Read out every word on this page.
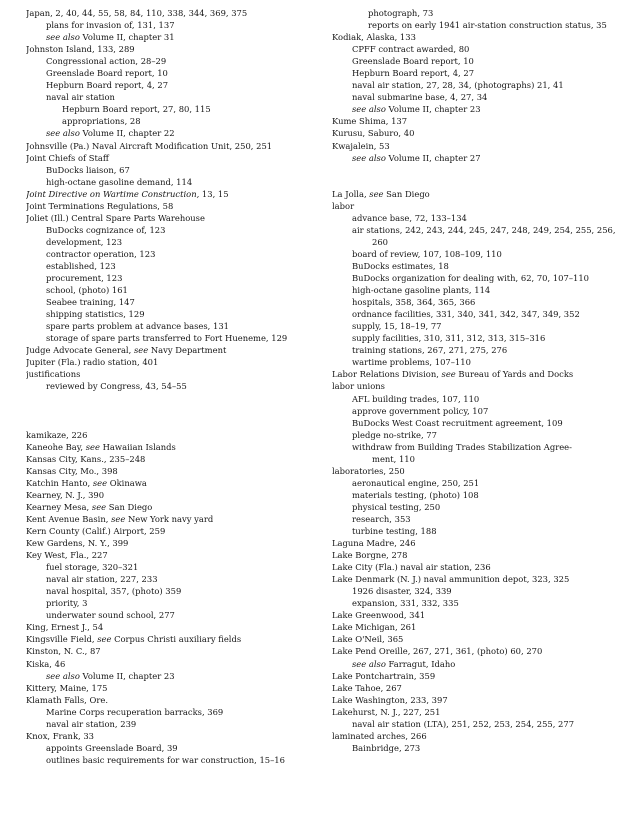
Japan, 2, 40, 44, 55, 58, 84, 110, 338, 344, 369, 375
plans for invasion of, 131, 137
see also Volume II, chapter 31
Johnston Island, 133, 289
Congressional action, 28–29
Greenslade Board report, 10
Hepburn Board report, 4, 27
naval air station
Hepburn Board report, 27, 80, 115
appropriations, 28
see also Volume II, chapter 22
Johnsville (Pa.) Naval Aircraft Modification Unit, 250, 251
Joint Chiefs of Staff
BuDocks liaison, 67
high-octane gasoline demand, 114
Joint Directive on Wartime Construction, 13, 15
Joint Terminations Regulations, 58
Joliet (Ill.) Central Spare Parts Warehouse
BuDocks cognizance of, 123
development, 123
contractor operation, 123
established, 123
procurement, 123
school, (photo) 161
Seabee training, 147
shipping statistics, 129
spare parts problem at advance bases, 131
storage of spare parts transferred to Fort Hueneme, 129
Judge Advocate General, see Navy Department
Jupiter (Fla.) radio station, 401
justifications
reviewed by Congress, 43, 54–55
kamikaze, 226
Kaneohe Bay, see Hawaiian Islands
Kansas City, Kans., 235–248
Kansas City, Mo., 398
Katchin Hanto, see Okinawa
Kearney, N. J., 390
Kearney Mesa, see San Diego
Kent Avenue Basin, see New York navy yard
Kern County (Calif.) Airport, 259
Kew Gardens, N. Y., 399
Key West, Fla., 227
fuel storage, 320–321
naval air station, 227, 233
naval hospital, 357, (photo) 359
priority, 3
underwater sound school, 277
King, Ernest J., 54
Kingsville Field, see Corpus Christi auxiliary fields
Kinston, N. C., 87
Kiska, 46
see also Volume II, chapter 23
Kittery, Maine, 175
Klamath Falls, Ore.
Marine Corps recuperation barracks, 369
naval air station, 239
Knox, Frank, 33
appoints Greenslade Board, 39
outlines basic requirements for war construction, 15–16
photograph, 73
reports on early 1941 air-station construction status, 35
Kodiak, Alaska, 133
CPFF contract awarded, 80
Greenslade Board report, 10
Hepburn Board report, 4, 27
naval air station, 27, 28, 34, (photographs) 21, 41
naval submarine base, 4, 27, 34
see also Volume II, chapter 23
Kume Shima, 137
Kurusu, Saburo, 40
Kwajalein, 53
see also Volume II, chapter 27
La Jolla, see San Diego
labor
advance base, 72, 133–134
air stations, 242, 243, 244, 245, 247, 248, 249, 254, 255, 256,
260
board of review, 107, 108–109, 110
BuDocks estimates, 18
BuDocks organization for dealing with, 62, 70, 107–110
high-octane gasoline plants, 114
hospitals, 358, 364, 365, 366
ordnance facilities, 331, 340, 341, 342, 347, 349, 352
supply, 15, 18–19, 77
supply facilities, 310, 311, 312, 313, 315–316
training stations, 267, 271, 275, 276
wartime problems, 107–110
Labor Relations Division, see Bureau of Yards and Docks
labor unions
AFL building trades, 107, 110
approve government policy, 107
BuDocks West Coast recruitment agreement, 109
pledge no-strike, 77
withdraw from Building Trades Stabilization Agree-
ment, 110
laboratories, 250
aeronautical engine, 250, 251
materials testing, (photo) 108
physical testing, 250
research, 353
turbine testing, 188
Laguna Madre, 246
Lake Borgne, 278
Lake City (Fla.) naval air station, 236
Lake Denmark (N. J.) naval ammunition depot, 323, 325
1926 disaster, 324, 339
expansion, 331, 332, 335
Lake Greenwood, 341
Lake Michigan, 261
Lake O'Neil, 365
Lake Pend Oreille, 267, 271, 361, (photo) 60, 270
see also Farragut, Idaho
Lake Pontchartrain, 359
Lake Tahoe, 267
Lake Washington, 233, 397
Lakehurst, N. J., 227, 251
naval air station (LTA), 251, 252, 253, 254, 255, 277
laminated arches, 266
Bainbridge, 273
